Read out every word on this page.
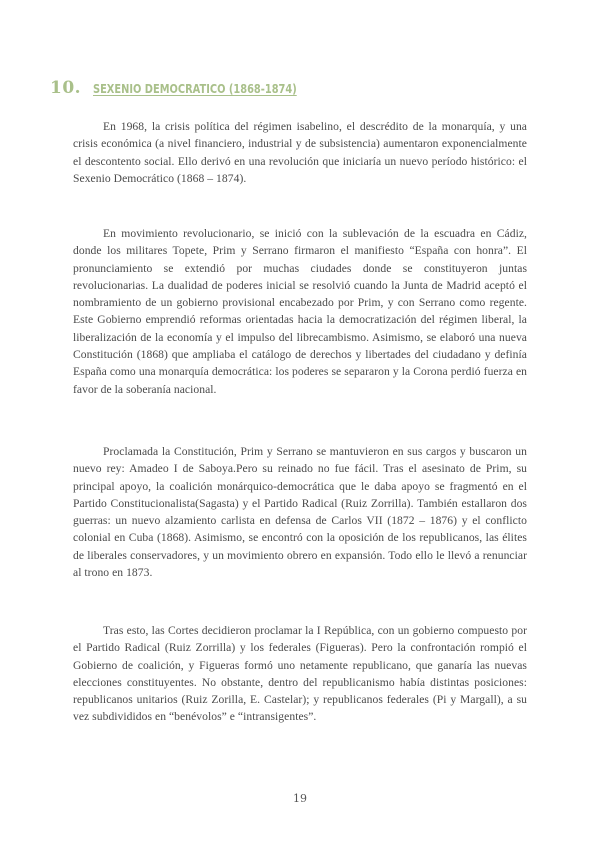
10. SEXENIO DEMOCRATICO (1868-1874)

En 1968, la crisis política del régimen isabelino, el descrédito de la monarquía, y una crisis económica (a nivel financiero, industrial y de subsistencia) aumentaron exponencialmente el descontento social. Ello derivó en una revolución que iniciaría un nuevo período histórico: el Sexenio Democrático (1868 – 1874).

En movimiento revolucionario, se inició con la sublevación de la escuadra en Cádiz, donde los militares Topete, Prim y Serrano firmaron el manifiesto “España con honra”. El pronunciamiento se extendió por muchas ciudades donde se constituyeron juntas revolucionarias. La dualidad de poderes inicial se resolvió cuando la Junta de Madrid aceptó el nombramiento de un gobierno provisional encabezado por Prim, y con Serrano como regente. Este Gobierno emprendió reformas orientadas hacia la democratización del régimen liberal, la liberalización de la economía y el impulso del librecambismo. Asimismo, se elaboró una nueva Constitución (1868) que ampliaba el catálogo de derechos y libertades del ciudadano y definía España como una monarquía democrática: los poderes se separaron y la Corona perdió fuerza en favor de la soberanía nacional.

Proclamada la Constitución, Prim y Serrano se mantuvieron en sus cargos y buscaron un nuevo rey: Amadeo I de Saboya.Pero su reinado no fue fácil. Tras el asesinato de Prim, su principal apoyo, la coalición monárquico-democrática que le daba apoyo se fragmentó en el Partido Constitucionalista(Sagasta) y el Partido Radical (Ruiz Zorrilla). También estallaron dos guerras: un nuevo alzamiento carlista en defensa de Carlos VII (1872 – 1876) y el conflicto colonial en Cuba (1868). Asimismo, se encontró con la oposición de los republicanos, las élites de liberales conservadores, y un movimiento obrero en expansión. Todo ello le llevó a renunciar al trono en 1873.

Tras esto, las Cortes decidieron proclamar la I República, con un gobierno compuesto por el Partido Radical (Ruiz Zorrilla) y los federales (Figueras). Pero la confrontación rompió el Gobierno de coalición, y Figueras formó uno netamente republicano, que ganaría las nuevas elecciones constituyentes. No obstante, dentro del republicanismo había distintas posiciones: republicanos unitarios (Ruiz Zorilla, E. Castelar); y republicanos federales (Pi y Margall), a su vez subdivididos en “benévolos” e “intransigentes”.

19
